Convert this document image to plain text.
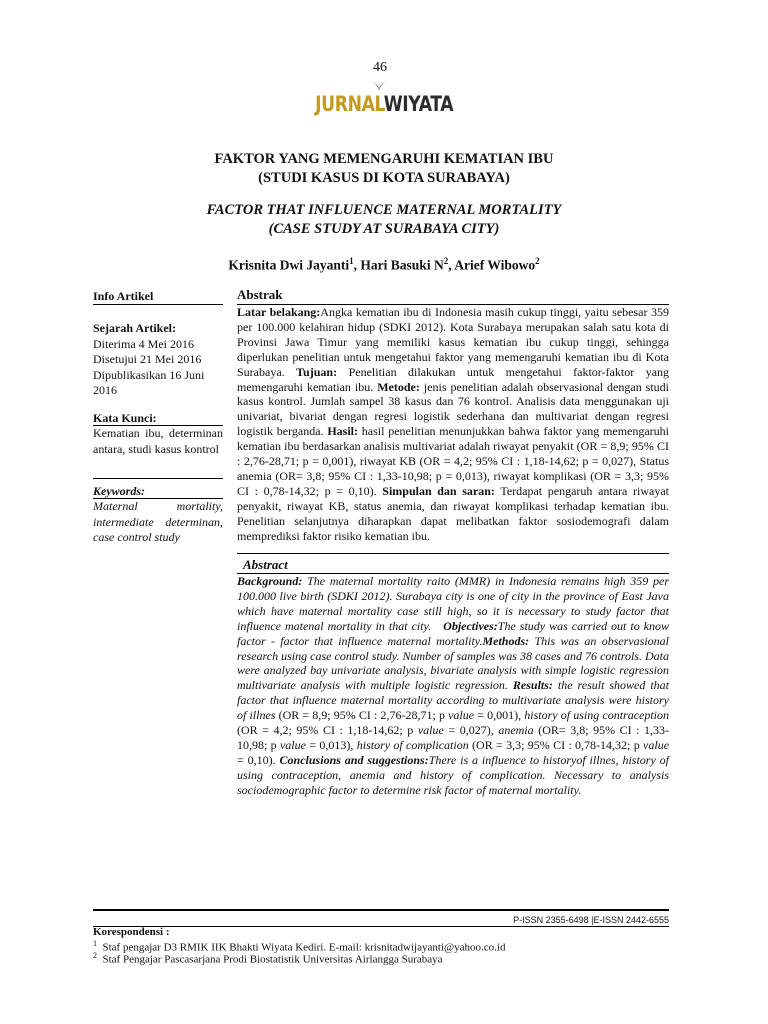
46
JURNALWIYATA
FAKTOR YANG MEMENGARUHI KEMATIAN IBU
(STUDI KASUS DI KOTA SURABAYA)
FACTOR THAT INFLUENCE MATERNAL MORTALITY
(CASE STUDY AT SURABAYA CITY)
Krisnita Dwi Jayanti$^1$, Hari Basuki $N^2$, Arief Wibowo$^2$
Info Artikel
Sejarah Artikel:
Diterima 4 Mei 2016
Disetujui 21 Mei 2016
Dipublikasikan 16 Juni 2016
Kata Kunci:
Kematian ibu, determinan antara, studi kasus kontrol
Keywords:
Maternal mortality, intermediate determinan, case control study
Abstrak
Latar belakang:Angka kematian ibu di Indonesia masih cukup tinggi, yaitu sebesar 359 per 100.000 kelahiran hidup (SDKI 2012). Kota Surabaya merupakan salah satu kota di Provinsi Jawa Timur yang memiliki kasus kematian ibu cukup tinggi, sehingga diperlukan penelitian untuk mengetahui faktor yang memengaruhi kematian ibu di Kota Surabaya. Tujuan: Penelitian dilakukan untuk mengetahui faktor-faktor yang memengaruhi kematian ibu. Metode: jenis penelitian adalah observasional dengan studi kasus kontrol. Jumlah sampel 38 kasus dan 76 kontrol. Analisis data menggunakan uji univariat, bivariat dengan regresi logistik sederhana dan multivariat dengan regresi logistik berganda. Hasil: hasil penelitian menunjukkan bahwa faktor yang memengaruhi kematian ibu berdasarkan analisis multivariat adalah riwayat penyakit (OR = 8,9; 95% CI : 2,76-28,71; p = 0,001), riwayat KB (OR = 4,2; 95% CI : 1,18-14,62; p = 0,027), Status anemia (OR= 3,8; 95% CI : 1,33-10,98; p = 0,013), riwayat komplikasi (OR = 3,3; 95% CI : 0,78-14,32; p = 0,10). Simpulan dan saran: Terdapat pengaruh antara riwayat penyakit, riwayat KB, status anemia, dan riwayat komplikasi terhadap kematian ibu. Penelitian selanjutnya diharapkan dapat melibatkan faktor sosiodemografi dalam memprediksi faktor risiko kematian ibu.
Abstract
Background: The maternal mortality raito (MMR) in Indonesia remains high 359 per 100.000 live birth (SDKI 2012). Surabaya city is one of city in the province of East Java which have maternal mortality case still high, so it is necessary to study factor that influence matenal mortality in that city. Objectives:The study was carried out to know factor - factor that influence maternal mortality.Methods: This was an observasional research using case control study. Number of samples was 38 cases and 76 controls. Data were analyzed bay univariate analysis, bivariate analysis with simple logistic regression multivariate analysis with multiple logistic regression. Results: the result showed that factor that influence maternal mortality according to multivariate analysis were history of illnes (OR = 8,9; 95% CI : 2,76-28,71; p value = 0,001), history of using contraception (OR = 4,2; 95% CI : 1,18-14,62; p value = 0,027), anemia (OR= 3,8; 95% CI : 1,33-10,98; p value = 0,013), history of complication (OR = 3,3; 95% CI : 0,78-14,32; p value = 0,10). Conclusions and suggestions:There is a influence to historyof illnes, history of using contraception, anemia and history of complication. Necessary to analysis sociodemographic factor to determine risk factor of maternal mortality.
P-ISSN 2355-6498 |E-ISSN 2442-6555
Korespondensi :
$^1$ Staf pengajar D3 RMIK IIK Bhakti Wiyata Kediri. E-mail: krisnitadwijayanti@yahoo.co.id
$^2$ Staf Pengajar Pascasarjana Prodi Biostatistik Universitas Airlangga Surabaya
